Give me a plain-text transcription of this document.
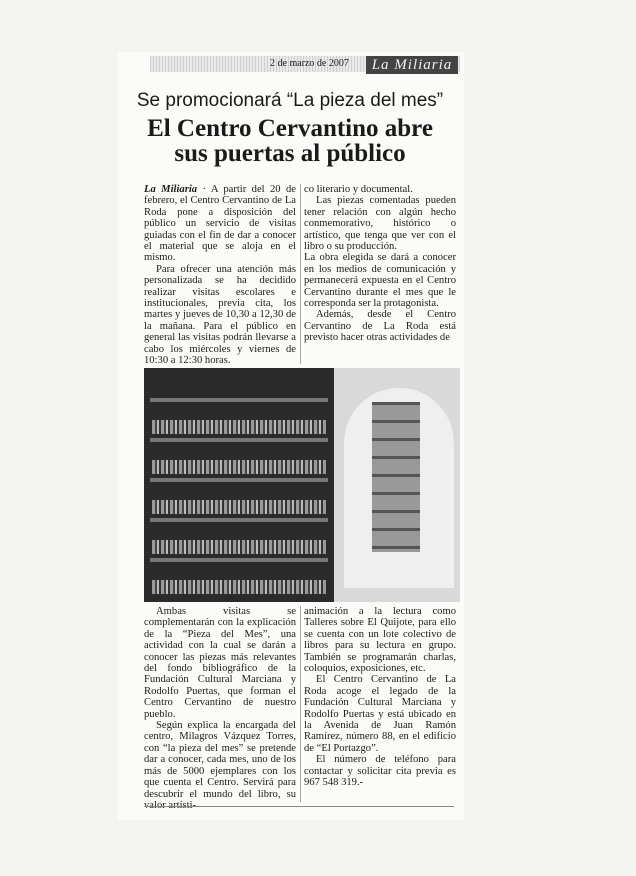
2 de marzo de 2007	La Miliaria
Se promocionará “La pieza del mes”
El Centro Cervantino abre
sus puertas al público

La Miliaria · A partir del 20 de febrero, el Centro Cervantino de La Roda pone a disposición del público un servicio de visitas guiadas con el fin de dar a conocer el material que se aloja en el mismo.

Para ofrecer una atención más personalizada se ha decidido realizar visitas escolares e institucionales, previa cita, los martes y jueves de 10,30 a 12,30 de la mañana. Para el público en general las visitas podrán llevarse a cabo los miércoles y viernes de 10:30 a 12:30 horas.

co literario y documental.

Las piezas comentadas pueden tener relación con algún hecho conmemorativo, histórico o artístico, que tenga que ver con el libro o su producción.

La obra elegida se dará a conocer en los medios de comunicación y permanecerá expuesta en el Centro Cervantino durante el mes que le corresponda ser la protagonista.

Además, desde el Centro Cervantino de La Roda está previsto hacer otras actividades de

Ambas visitas se complementarán con la explicación de la “Pieza del Mes”, una actividad con la cual se darán a conocer las piezas más relevantes del fondo bibliográfico de la Fundación Cultural Marciana y Rodolfo Puertas, que forman el Centro Cervantino de nuestro pueblo.

Según explica la encargada del centro, Milagros Vázquez Torres, con “la pieza del mes” se pretende dar a conocer, cada mes, uno de los más de 5000 ejemplares con los que cuenta el Centro. Servirá para descubrir el mundo del libro, su

animación a la lectura como Talleres sobre El Quijote, para ello se cuenta con un lote colectivo de libros para su lectura en grupo. También se programarán charlas, coloquios, exposiciones, etc.

El Centro Cervantino de La Roda acoge el legado de la Fundación Cultural Marciana y Rodolfo Puertas y está ubicado en la Avenida de Juan Ramón Ramírez, número 88, en el edificio de “El Portazgo”.

El número de teléfono para contactar y solicitar cita previa es 967 548 319.-
